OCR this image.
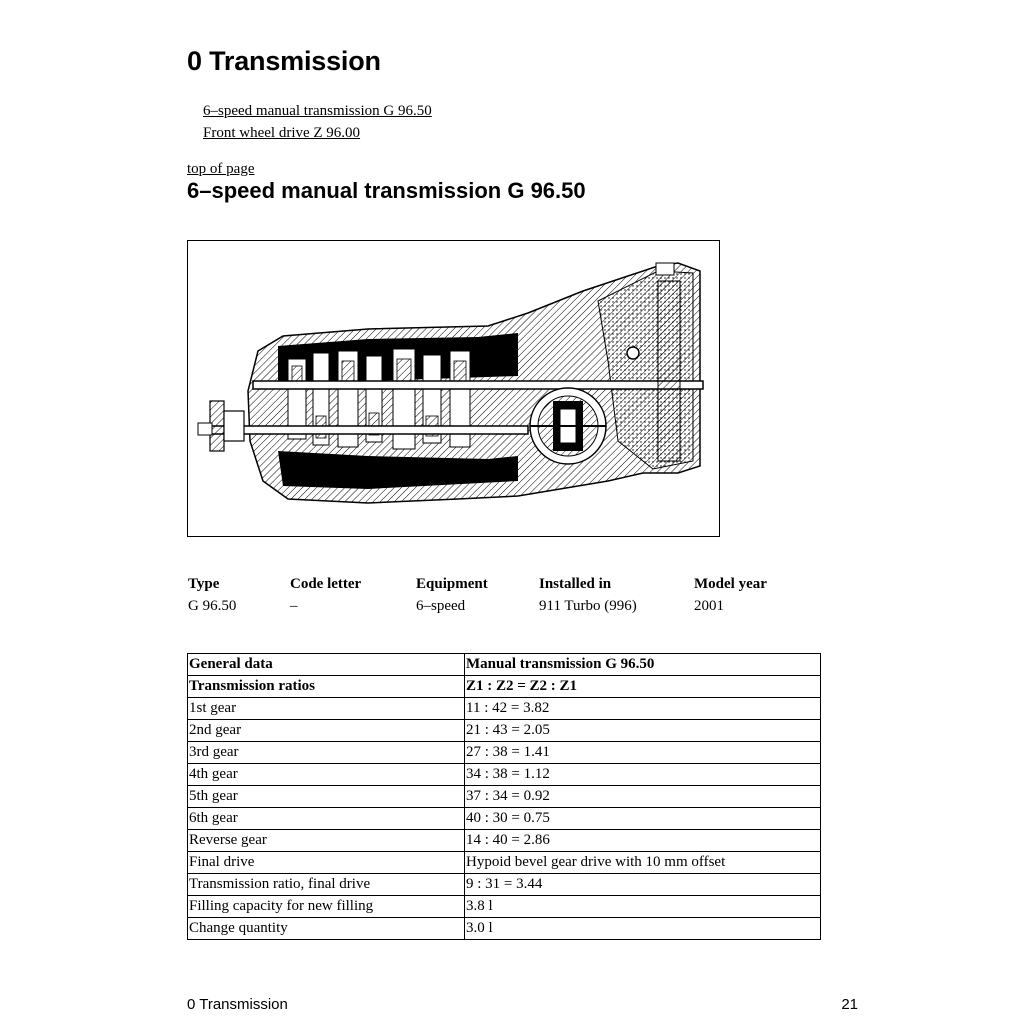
0 Transmission
6–speed manual transmission G 96.50
Front wheel drive Z 96.00
top of page
6–speed manual transmission G 96.50
Type	Code letter	Equipment	Installed in	Model year
G 96.50	–	6–speed	911 Turbo (996)	2001
General data	Manual transmission G 96.50
Transmission ratios	Z1 : Z2 = Z2 : Z1
1st gear	11 : 42 = 3.82
2nd gear	21 : 43 = 2.05
3rd gear	27 : 38 = 1.41
4th gear	34 : 38 = 1.12
5th gear	37 : 34 = 0.92
6th gear	40 : 30 = 0.75
Reverse gear	14 : 40 = 2.86
Final drive	Hypoid bevel gear drive with 10 mm offset
Transmission ratio, final drive	9 : 31 = 3.44
Filling capacity for new filling	3.8 l
Change quantity	3.0 l
0 Transmission	21
